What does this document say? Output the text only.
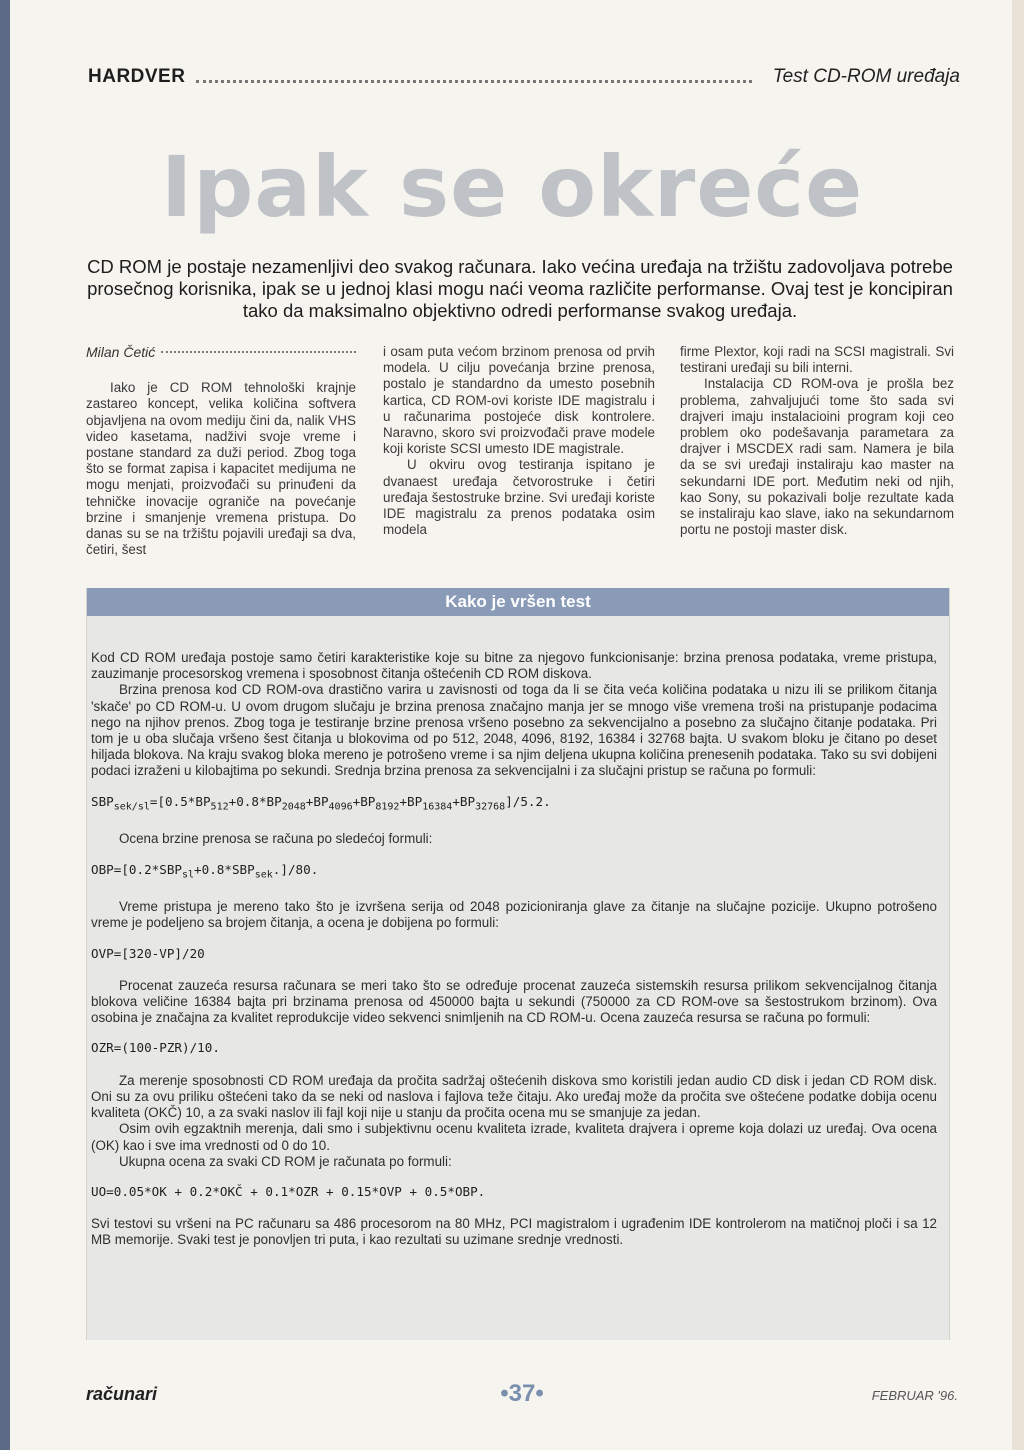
HARDVER	Test CD-ROM uređaja
Ipak se okreće
CD ROM je postaje nezamenljivi deo svakog računara. Iako većina uređaja na tržištu zadovoljava potrebe prosečnog korisnika, ipak se u jednoj klasi mogu naći veoma različite performanse. Ovaj test je koncipiran tako da maksimalno objektivno odredi performanse svakog uređaja.
Milan Četić

Iako je CD ROM tehnološki krajnje zastareo koncept, velika količina softvera objavljena na ovom mediju čini da, nalik VHS video kasetama, nadživi svoje vreme i postane standard za duži period. Zbog toga što se format zapisa i kapacitet medijuma ne mogu menjati, proizvođači su prinuđeni da tehničke inovacije ograniče na povećanje brzine i smanjenje vremena pristupa. Do danas su se na tržištu pojavili uređaji sa dva, četiri, šest

i osam puta većom brzinom prenosa od prvih modela. U cilju povećanja brzine prenosa, postalo je standardno da umesto posebnih kartica, CD ROM-ovi koriste IDE magistralu i u računarima postojeće disk kontrolere. Naravno, skoro svi proizvođači prave modele koji koriste SCSI umesto IDE magistrale.

U okviru ovog testiranja ispitano je dvanaest uređaja četvorostruke i četiri uređaja šestostruke brzine. Svi uređaji koriste IDE magistralu za prenos podataka osim modela

firme Plextor, koji radi na SCSI magistrali. Svi testirani uređaji su bili interni.

Instalacija CD ROM-ova je prošla bez problema, zahvaljujući tome što sada svi drajveri imaju instalacioini program koji ceo problem oko podešavanja parametara za drajver i MSCDEX radi sam. Namera je bila da se svi uređaji instaliraju kao master na sekundarni IDE port. Međutim neki od njih, kao Sony, su pokazivali bolje rezultate kada se instaliraju kao slave, iako na sekundarnom portu ne postoji master disk.

Kako je vršen test

Kod CD ROM uređaja postoje samo četiri karakteristike koje su bitne za njegovo funkcionisanje: brzina prenosa podataka, vreme pristupa, zauzimanje procesorskog vremena i sposobnost čitanja oštećenih CD ROM diskova.

Brzina prenosa kod CD ROM-ova drastično varira u zavisnosti od toga da li se čita veća količina podataka u nizu ili se prilikom čitanja 'skače' po CD ROM-u. U ovom drugom slučaju je brzina prenosa značajno manja jer se mnogo više vremena troši na pristupanje podacima nego na njihov prenos. Zbog toga je testiranje brzine prenosa vršeno posebno za sekvencijalno a posebno za slučajno čitanje podataka. Pri tom je u oba slučaja vršeno šest čitanja u blokovima od po 512, 2048, 4096, 8192, 16384 i 32768 bajta. U svakom bloku je čitano po deset hiljada blokova. Na kraju svakog bloka mereno je potrošeno vreme i sa njim deljena ukupna količina prenesenih podataka. Tako su svi dobijeni podaci izraženi u kilobajtima po sekundi. Srednja brzina prenosa za sekvencijalni i za slučajni pristup se računa po formuli:

$SBP_{sek/sl}=[0.5*BP_{512}+0.8*BP_{2048}+BP_{4096}+BP_{8192}+BP_{16384}+BP_{32768}]/5.2$.

Ocena brzine prenosa se računa po sledećoj formuli:

$OBP=[0.2*SBP_{sl}+0.8*SBP_{sek}.]/80$.

Vreme pristupa je mereno tako što je izvršena serija od 2048 pozicioniranja glave za čitanje na slučajne pozicije. Ukupno potrošeno vreme je podeljeno sa brojem čitanja, a ocena je dobijena po formuli:

OVP=[320-VP]/20

Procenat zauzeća resursa računara se meri tako što se određuje procenat zauzeća sistemskih resursa prilikom sekvencijalnog čitanja blokova veličine 16384 bajta pri brzinama prenosa od 450000 bajta u sekundi (750000 za CD ROM-ove sa šestostrukom brzinom). Ova osobina je značajna za kvalitet reprodukcije video sekvenci snimljenih na CD ROM-u. Ocena zauzeća resursa se računa po formuli:

OZR=(100-PZR)/10.

Za merenje sposobnosti CD ROM uređaja da pročita sadržaj oštećenih diskova smo koristili jedan audio CD disk i jedan CD ROM disk. Oni su za ovu priliku oštećeni tako da se neki od naslova i fajlova teže čitaju. Ako uređaj može da pročita sve oštećene podatke dobija ocenu kvaliteta (OKČ) 10, a za svaki naslov ili fajl koji nije u stanju da pročita ocena mu se smanjuje za jedan.

Osim ovih egzaktnih merenja, dali smo i subjektivnu ocenu kvaliteta izrade, kvaliteta drajvera i opreme koja dolazi uz uređaj. Ova ocena (OK) kao i sve ima vrednosti od 0 do 10.

Ukupna ocena za svaki CD ROM je računata po formuli:

UO=0.05*OK + 0.2*OKČ + 0.1*OZR + 0.15*OVP + 0.5*OBP.

Svi testovi su vršeni na PC računaru sa 486 procesorom na 80 MHz, PCI magistralom i ugrađenim IDE kontrolerom na matičnoj ploči i sa 12 MB memorije. Svaki test je ponovljen tri puta, i kao rezultati su uzimane srednje vrednosti.

računari	•37•	FEBRUAR '96.
